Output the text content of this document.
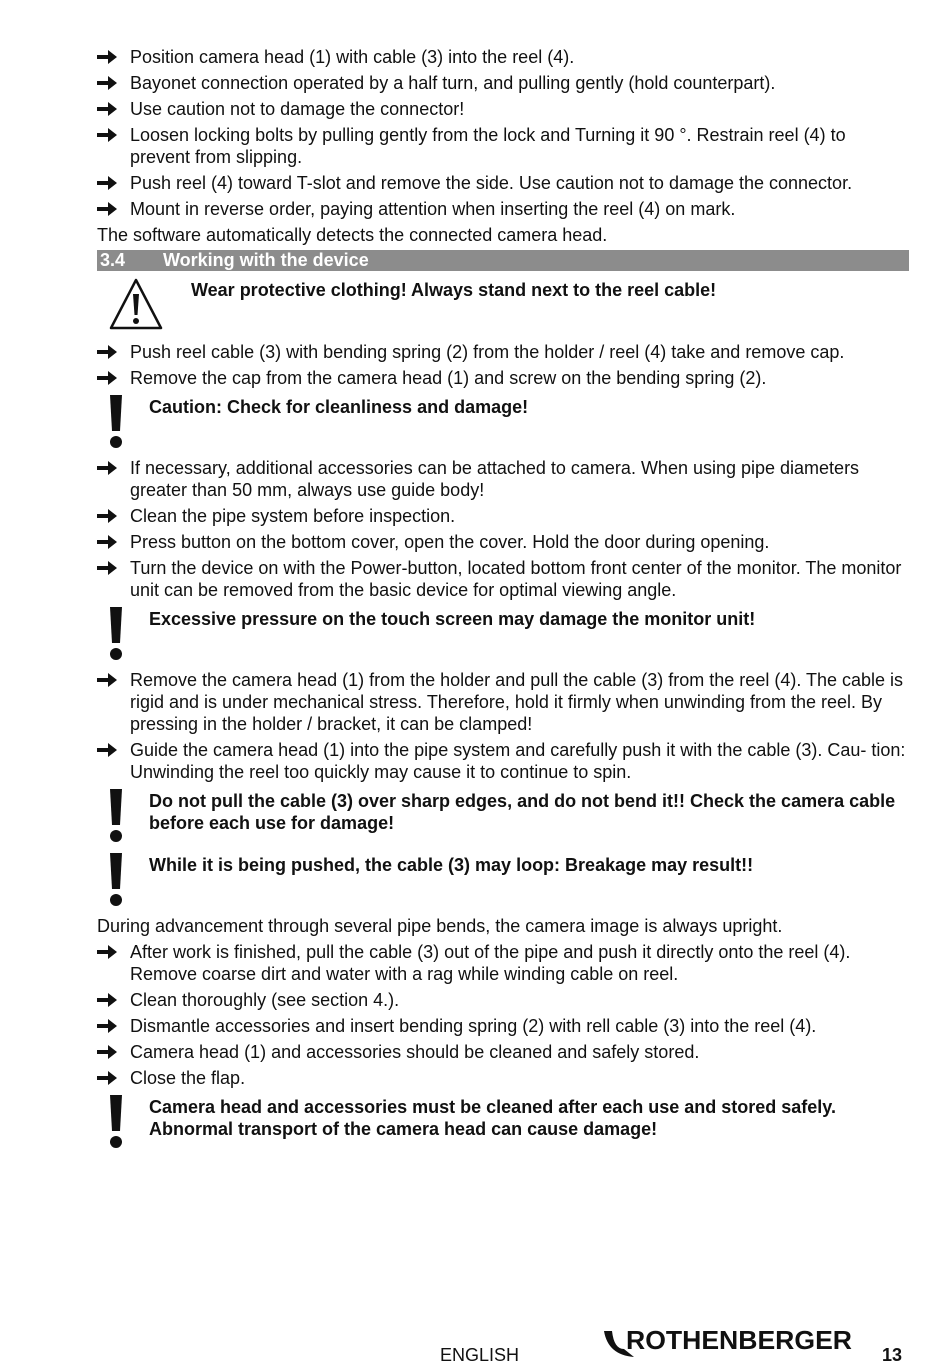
Position camera head (1) with cable (3) into the reel (4).
Bayonet connection operated by a half turn, and pulling gently (hold counterpart).
Use caution not to damage the connector!
Loosen locking bolts by pulling gently from the lock and Turning it 90 °. Restrain reel (4) to prevent from slipping.
Push reel (4) toward T-slot and remove the side. Use caution not to damage the connector.
Mount in reverse order, paying attention when inserting the reel (4) on mark.
The software automatically detects the connected camera head.
3.4 Working with the device
Wear protective clothing! Always stand next to the reel cable!
Push reel cable (3) with bending spring (2) from the holder / reel (4) take and remove cap.
Remove the cap from the camera head (1) and screw on the bending spring (2).
Caution: Check for cleanliness and damage!
If necessary, additional accessories can be attached to camera. When using pipe diameters greater than 50 mm, always use guide body!
Clean the pipe system before inspection.
Press button on the bottom cover, open the cover. Hold the door during opening.
Turn the device on with the Power-button, located bottom front center of the monitor. The monitor unit can be removed from the basic device for optimal viewing angle.
Excessive pressure on the touch screen may damage the monitor unit!
Remove the camera head (1) from the holder and pull the cable (3) from the reel (4). The cable is rigid and is under mechanical stress. Therefore, hold it firmly when unwinding from the reel. By pressing in the holder / bracket, it can be clamped!
Guide the camera head (1) into the pipe system and carefully push it with the cable (3). Cau- tion: Unwinding the reel too quickly may cause it to continue to spin.
Do not pull the cable (3) over sharp edges, and do not bend it!! Check the camera cable before each use for damage!
While it is being pushed, the cable (3) may loop: Breakage may result!!
During advancement through several pipe bends, the camera image is always upright.
After work is finished, pull the cable (3) out of the pipe and push it directly onto the reel (4). Remove coarse dirt and water with a rag while winding cable on reel.
Clean thoroughly (see section 4.).
Dismantle accessories and insert bending spring (2) with rell cable (3) into the reel (4).
Camera head (1) and accessories should be cleaned and safely stored.
Close the flap.
Camera head and accessories must be cleaned after each use and stored safely. Abnormal transport of the camera head can cause damage!
ENGLISH	ROTHENBERGER 13
